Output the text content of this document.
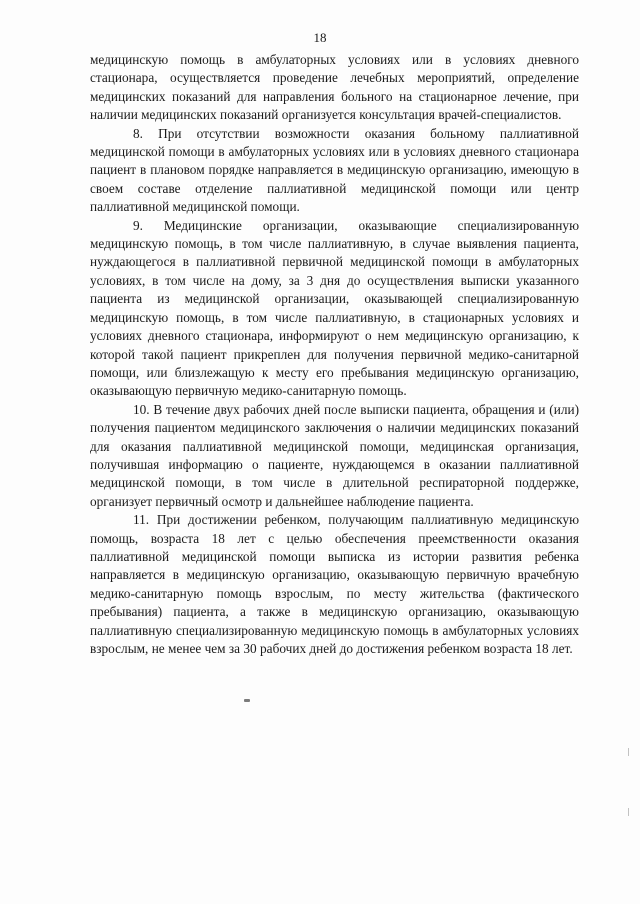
18

медицинскую помощь в амбулаторных условиях или в условиях дневного стационара, осуществляется проведение лечебных мероприятий, определение медицинских показаний для направления больного на стационарное лечение, при наличии медицинских показаний организуется консультация врачей-специалистов.

8. При отсутствии возможности оказания больному паллиативной медицинской помощи в амбулаторных условиях или в условиях дневного стационара пациент в плановом порядке направляется в медицинскую организацию, имеющую в своем составе отделение паллиативной медицинской помощи или центр паллиативной медицинской помощи.

9. Медицинские организации, оказывающие специализированную медицинскую помощь, в том числе паллиативную, в случае выявления пациента, нуждающегося в паллиативной первичной медицинской помощи в амбулаторных условиях, в том числе на дому, за 3 дня до осуществления выписки указанного пациента из медицинской организации, оказывающей специализированную медицинскую помощь, в том числе паллиативную, в стационарных условиях и условиях дневного стационара, информируют о нем медицинскую организацию, к которой такой пациент прикреплен для получения первичной медико-санитарной помощи, или близлежащую к месту его пребывания медицинскую организацию, оказывающую первичную медико-санитарную помощь.

10. В течение двух рабочих дней после выписки пациента, обращения и (или) получения пациентом медицинского заключения о наличии медицинских показаний для оказания паллиативной медицинской помощи, медицинская организация, получившая информацию о пациенте, нуждающемся в оказании паллиативной медицинской помощи, в том числе в длительной респираторной поддержке, организует первичный осмотр и дальнейшее наблюдение пациента.

11. При достижении ребенком, получающим паллиативную медицинскую помощь, возраста 18 лет с целью обеспечения преемственности оказания паллиативной медицинской помощи выписка из истории развития ребенка направляется в медицинскую организацию, оказывающую первичную врачебную медико-санитарную помощь взрослым, по месту жительства (фактического пребывания) пациента, а также в медицинскую организацию, оказывающую паллиативную специализированную медицинскую помощь в амбулаторных условиях взрослым, не менее чем за 30 рабочих дней до достижения ребенком возраста 18 лет.
